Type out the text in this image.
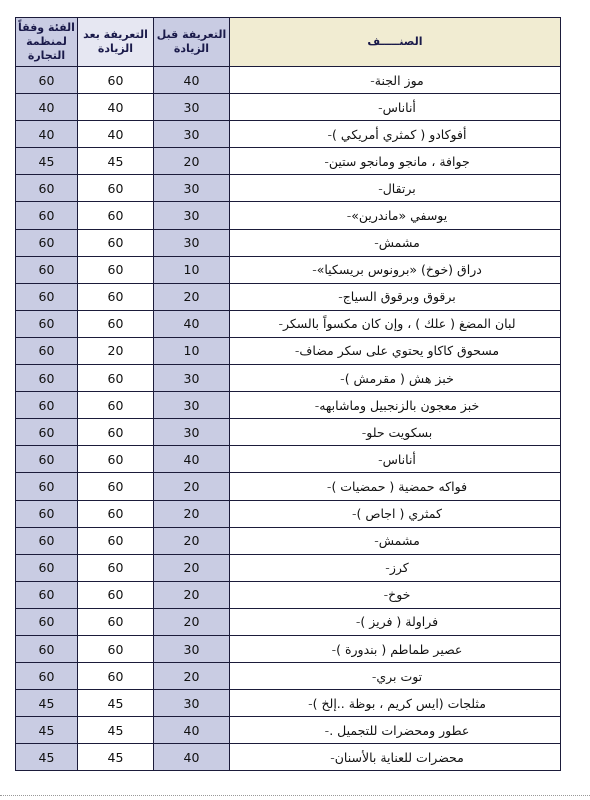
الفئة وفقاً لمنظمة التجارة	التعريفة بعد الزيادة	التعريفة قبل الزيادة	الصنـــــف
60	60	40	موز الجنة-
40	40	30	أناناس-
40	40	30	أفوكادو ( كمثري أمريكي )-
45	45	20	جوافة ، مانجو ومانجو ستين-
60	60	30	برتقال-
60	60	30	يوسفي «ماندرين»-
60	60	30	مشمش-
60	60	10	دراق (خوخ) «برونوس بريسكيا»-
60	60	20	برقوق وبرقوق السياج-
60	60	40	لبان المضغ ( علك ) ، وإن كان مكسواً بالسكر-
60	20	10	مسحوق كاكاو يحتوي على سكر مضاف-
60	60	30	خبز هش ( مقرمش )-
60	60	30	خبز معجون بالزنجبيل وماشابهه-
60	60	30	بسكويت حلو-
60	60	40	أناناس-
60	60	20	فواكه حمضية ( حمضيات )-
60	60	20	كمثري ( اجاص )-
60	60	20	مشمش-
60	60	20	كرز-
60	60	20	خوخ-
60	60	20	فراولة ( فريز )-
60	60	30	عصير طماطم ( بندورة )-
60	60	20	توت بري-
45	45	30	مثلجات (ايس كريم ، بوظة ..إلخ )-
45	45	40	عطور ومحضرات للتجميل .-
45	45	40	محضرات للعناية بالأسنان-
